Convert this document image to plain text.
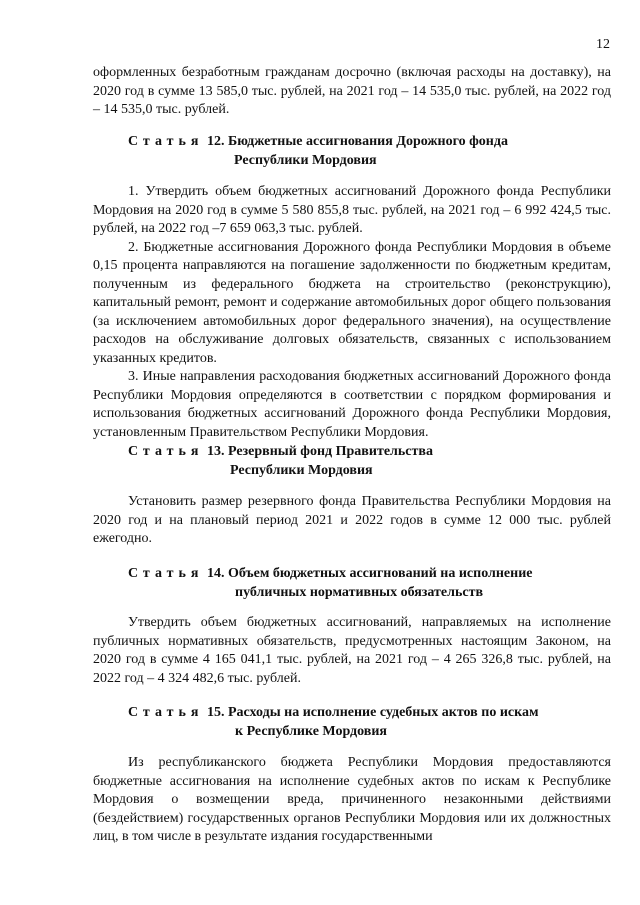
12

оформленных безработным гражданам досрочно (включая расходы на доставку), на 2020 год в сумме 13 585,0 тыс. рублей, на 2021 год – 14 535,0 тыс. рублей, на 2022 год – 14 535,0 тыс. рублей.

Статья 12. Бюджетные ассигнования Дорожного фонда
Республики Мордовия

1. Утвердить объем бюджетных ассигнований Дорожного фонда Республики Мордовия на 2020 год в сумме 5 580 855,8 тыс. рублей, на 2021 год – 6 992 424,5 тыс. рублей, на 2022 год –7 659 063,3 тыс. рублей.

2. Бюджетные ассигнования Дорожного фонда Республики Мордовия в объеме 0,15 процента направляются на погашение задолженности по бюджетным кредитам, полученным из федерального бюджета на строительство (реконструкцию), капитальный ремонт, ремонт и содержание автомобильных дорог общего пользования (за исключением автомобильных дорог федерального значения), на осуществление расходов на обслуживание долговых обязательств, связанных с использованием указанных кредитов.

3. Иные направления расходования бюджетных ассигнований Дорожного фонда Республики Мордовия определяются в соответствии с порядком формирования и использования бюджетных ассигнований Дорожного фонда Республики Мордовия, установленным Правительством Республики Мордовия.

Статья 13. Резервный фонд Правительства
Республики Мордовия

Установить размер резервного фонда Правительства Республики Мордовия на 2020 год и на плановый период 2021 и 2022 годов в сумме 12 000 тыс. рублей ежегодно.

Статья 14. Объем бюджетных ассигнований на исполнение
публичных нормативных обязательств

Утвердить объем бюджетных ассигнований, направляемых на исполнение публичных нормативных обязательств, предусмотренных настоящим Законом, на 2020 год в сумме 4 165 041,1 тыс. рублей, на 2021 год – 4 265 326,8 тыс. рублей, на 2022 год – 4 324 482,6 тыс. рублей.

Статья 15. Расходы на исполнение судебных актов по искам
к Республике Мордовия

Из республиканского бюджета Республики Мордовия предоставляются бюджетные ассигнования на исполнение судебных актов по искам к Республике Мордовия о возмещении вреда, причиненного незаконными действиями (бездействием) государственных органов Республики Мордовия или их должностных лиц, в том числе в результате издания государственными
